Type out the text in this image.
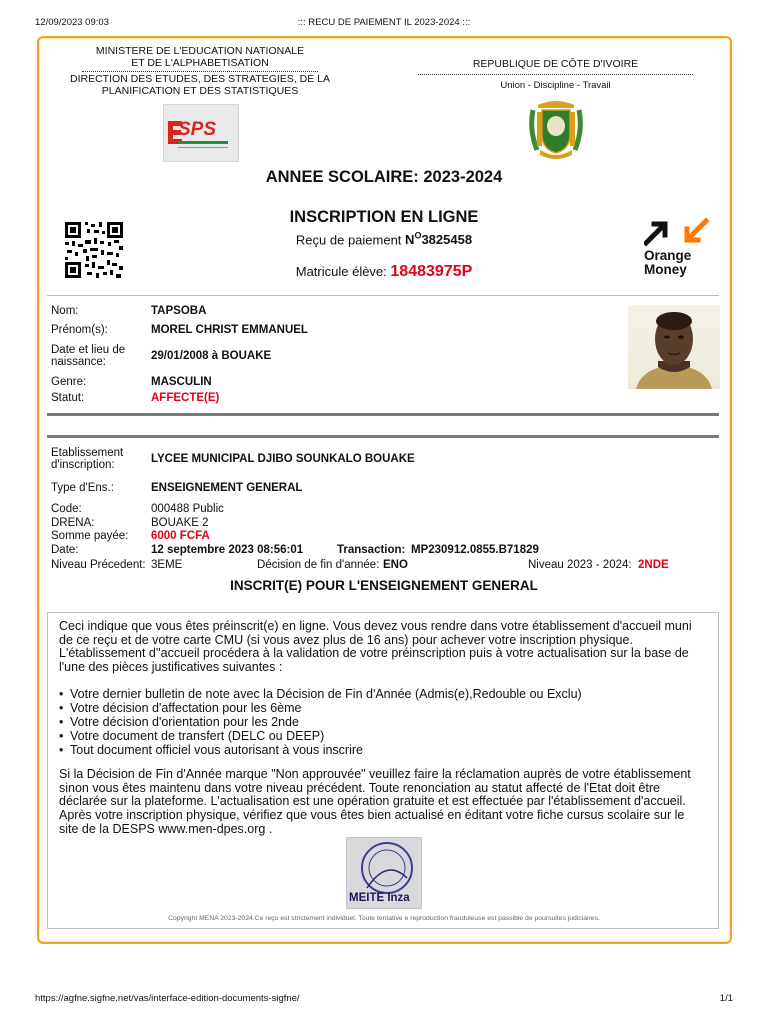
12/09/2023 09:03	::: RECU DE PAIEMENT IL 2023-2024 :::
MINISTERE DE L'EDUCATION NATIONALE
ET DE L'ALPHABETISATION
DIRECTION DES ETUDES, DES STRATEGIES, DE LA
PLANIFICATION ET DES STATISTIQUES
REPUBLIQUE DE CÔTE D'IVOIRE
Union - Discipline - Travail
SPS
ANNEE SCOLAIRE: 2023-2024
INSCRIPTION EN LIGNE
Reçu de paiement $N^O3825458$
Matricule élève: 18483975P
Orange Money
Nom:	TAPSOBA
Prénom(s):	MOREL CHRIST EMMANUEL
Date et lieu de naissance:	29/01/2008 à BOUAKE
Genre:	MASCULIN
Statut:	AFFECTE(E)
Etablissement d'inscription:	LYCEE MUNICIPAL DJIBO SOUNKALO BOUAKE
Type d'Ens.:	ENSEIGNEMENT GENERAL
Code:	000488 Public
DRENA:	BOUAKE 2
Somme payée:	6000 FCFA
Date:	12 septembre 2023 08:56:01	Transaction: MP230912.0855.B71829
Niveau Précedent: 3EME	Décision de fin d'année: ENO	Niveau 2023 - 2024: 2NDE
INSCRIT(E) POUR L'ENSEIGNEMENT GENERAL
Ceci indique que vous êtes préinscrit(e) en ligne. Vous devez vous rendre dans votre établissement d'accueil muni
de ce reçu et de votre carte CMU (si vous avez plus de 16 ans) pour achever votre inscription physique.
L'établissement d''accueil procédera à la validation de votre préinscription puis à votre actualisation sur la base de
l'une des pièces justificatives suivantes :
• Votre dernier bulletin de note avec la Décision de Fin d'Année (Admis(e),Redouble ou Exclu)
• Votre décision d'affectation pour les 6ème
• Votre décision d'orientation pour les 2nde
• Votre document de transfert (DELC ou DEEP)
• Tout document officiel vous autorisant à vous inscrire
Si la Décision de Fin d'Année marque "Non approuvée" veuillez faire la réclamation auprès de votre établissement
sinon vous êtes maintenu dans votre niveau précédent. Toute renonciation au statut affecté de l'Etat doit être
déclarée sur la plateforme. L'actualisation est une opération gratuite et est effectuée par l'établissement d'accueil.
Après votre inscription physique, vérifiez que vous êtes bien actualisé en éditant votre fiche cursus scolaire sur le
site de la DESPS www.men-dpes.org .
MEITE Inza
Copyright MENA 2023-2024.Ce reçu est strictement individuel. Toute tentative e reproduction frauduleuse est passible de poursuites judiciaires.
https://agfne.sigfne.net/vas/interface-edition-documents-sigfne/	1/1
